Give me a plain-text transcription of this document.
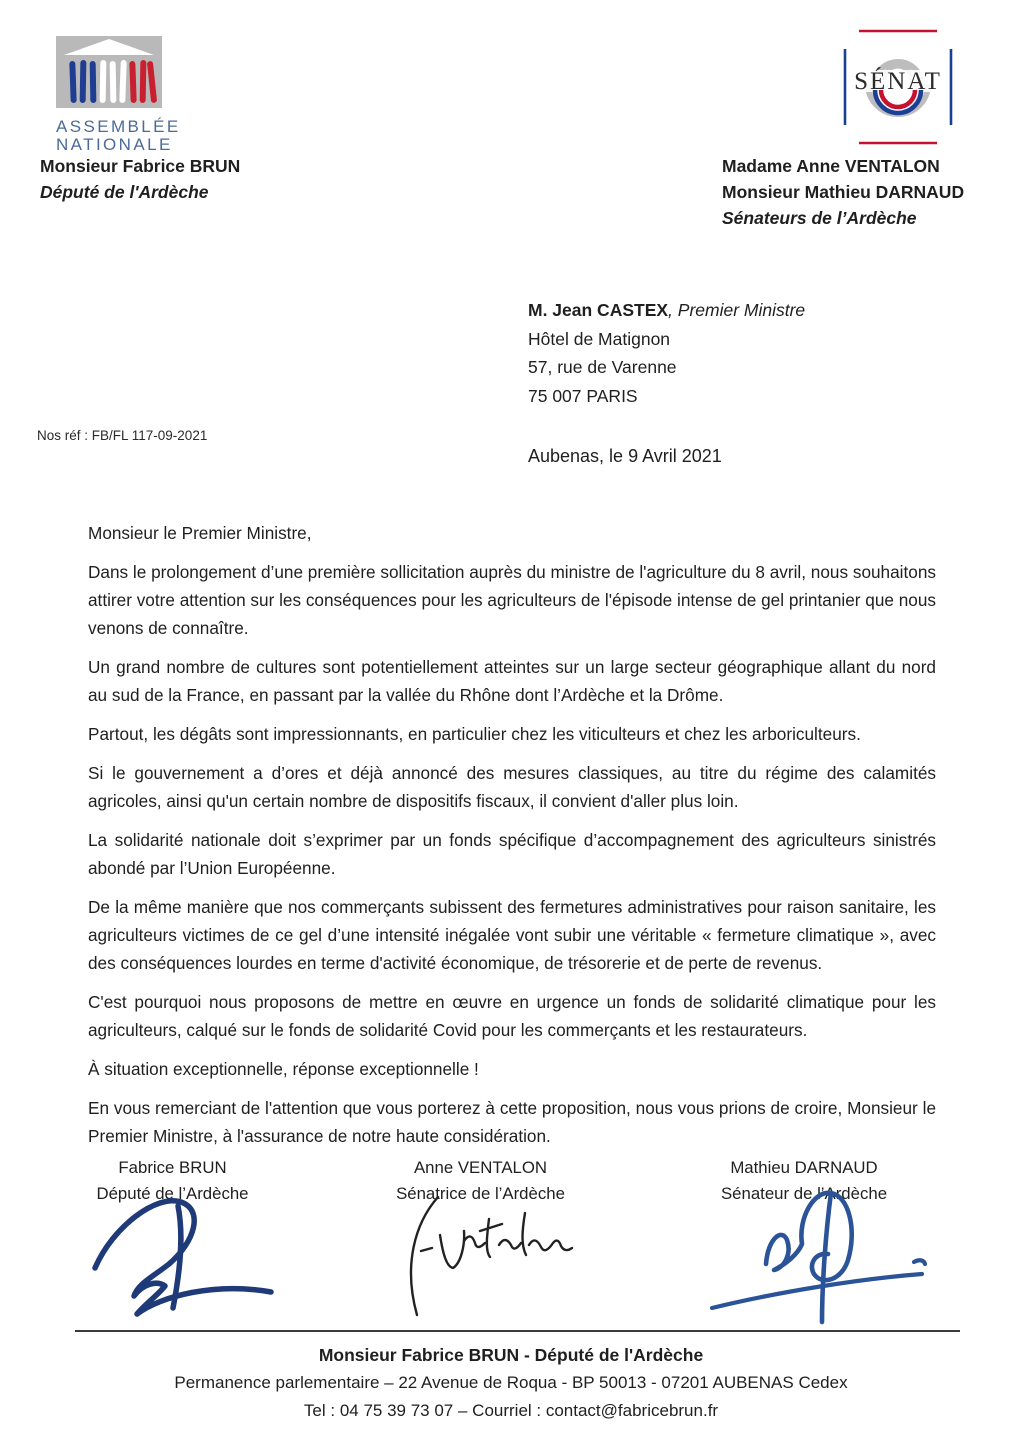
ASSEMBLÉE
NATIONALE
Monsieur Fabrice BRUN
Député de l'Ardèche
SÉNAT
Madame Anne VENTALON
Monsieur Mathieu DARNAUD
Sénateurs de l’Ardèche
M. Jean CASTEX, Premier Ministre
Hôtel de Matignon
57, rue de Varenne
75 007 PARIS
Nos réf : FB/FL 117-09-2021
Aubenas, le 9 Avril 2021

Monsieur le Premier Ministre,

Dans le prolongement d’une première sollicitation auprès du ministre de l'agriculture du 8 avril, nous souhaitons attirer votre attention sur les conséquences pour les agriculteurs de l'épisode intense de gel printanier que nous venons de connaître.

Un grand nombre de cultures sont potentiellement atteintes sur un large secteur géographique allant du nord au sud de la France, en passant par la vallée du Rhône dont l’Ardèche et la Drôme.

Partout, les dégâts sont impressionnants, en particulier chez les viticulteurs et chez les arboriculteurs.

Si le gouvernement a d’ores et déjà annoncé des mesures classiques, au titre du régime des calamités agricoles, ainsi qu'un certain nombre de dispositifs fiscaux, il convient d'aller plus loin.

La solidarité nationale doit s’exprimer par un fonds spécifique d’accompagnement des agriculteurs sinistrés abondé par l’Union Européenne.

De la même manière que nos commerçants subissent des fermetures administratives pour raison sanitaire, les agriculteurs victimes de ce gel d’une intensité inégalée vont subir une véritable « fermeture climatique », avec des conséquences lourdes en terme d'activité économique, de trésorerie et de perte de revenus.

C'est pourquoi nous proposons de mettre en œuvre en urgence un fonds de solidarité climatique pour les agriculteurs, calqué sur le fonds de solidarité Covid pour les commerçants et les restaurateurs.

À situation exceptionnelle, réponse exceptionnelle !

En vous remerciant de l'attention que vous porterez à cette proposition, nous vous prions de croire, Monsieur le Premier Ministre, à l'assurance de notre haute considération.

Fabrice BRUN
Député de l’Ardèche
Anne VENTALON
Sénatrice de l’Ardèche
Mathieu DARNAUD
Sénateur de l’Ardèche
Monsieur Fabrice BRUN - Député de l'Ardèche
Permanence parlementaire – 22 Avenue de Roqua - BP 50013 - 07201 AUBENAS Cedex
Tel : 04 75 39 73 07 – Courriel : contact@fabricebrun.fr
